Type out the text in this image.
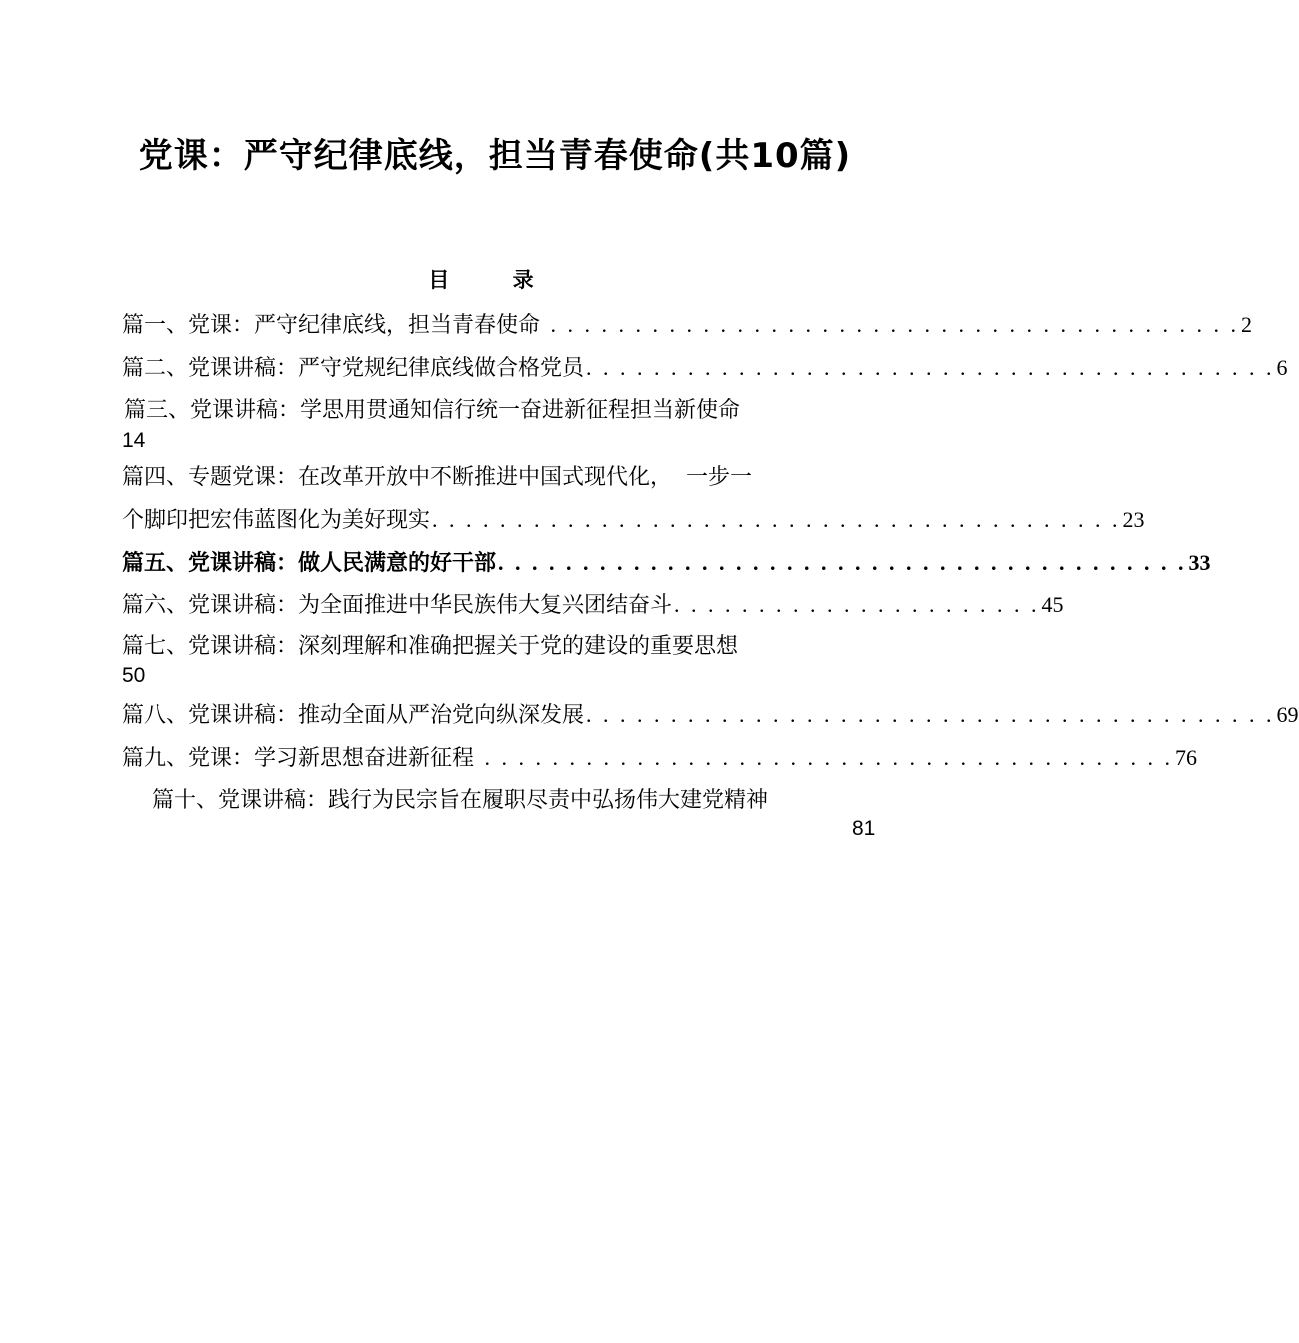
党课：严守纪律底线，担当青春使命(共10篇)
目 录
篇一、党课：严守纪律底线，担当青春使命 . . . . . . . . . . . . . . . . . . . . . . . . . . . . . . . . . . . . . . . . . 2
篇二、党课讲稿：严守党规纪律底线做合格党员 . . . . . . . . . . . . . . . . . . . . . . . . . . . . . . . . . . . . . . . . . 6
篇三、党课讲稿：学思用贯通知信行统一奋进新征程担当新使命
14
篇四、专题党课：在改革开放中不断推进中国式现代化，  一步一
个脚印把宏伟蓝图化为美好现实 . . . . . . . . . . . . . . . . . . . . . . . . . . . . . . . . . . . . . . . . . 23
篇五、党课讲稿：做人民满意的好干部 . . . . . . . . . . . . . . . . . . . . . . . . . . . . . . . . . . . . . . . . . 33
篇六、党课讲稿：为全面推进中华民族伟大复兴团结奋斗 . . . . . . . . . . . . . . . . . . . . . . 45
篇七、党课讲稿：深刻理解和准确把握关于党的建设的重要思想
50
篇八、党课讲稿：推动全面从严治党向纵深发展 . . . . . . . . . . . . . . . . . . . . . . . . . . . . . . . . . . . . . . . . . 69
篇九、党课：学习新思想奋进新征程 . . . . . . . . . . . . . . . . . . . . . . . . . . . . . . . . . . . . . . . . . 76
篇十、党课讲稿：践行为民宗旨在履职尽责中弘扬伟大建党精神
81
